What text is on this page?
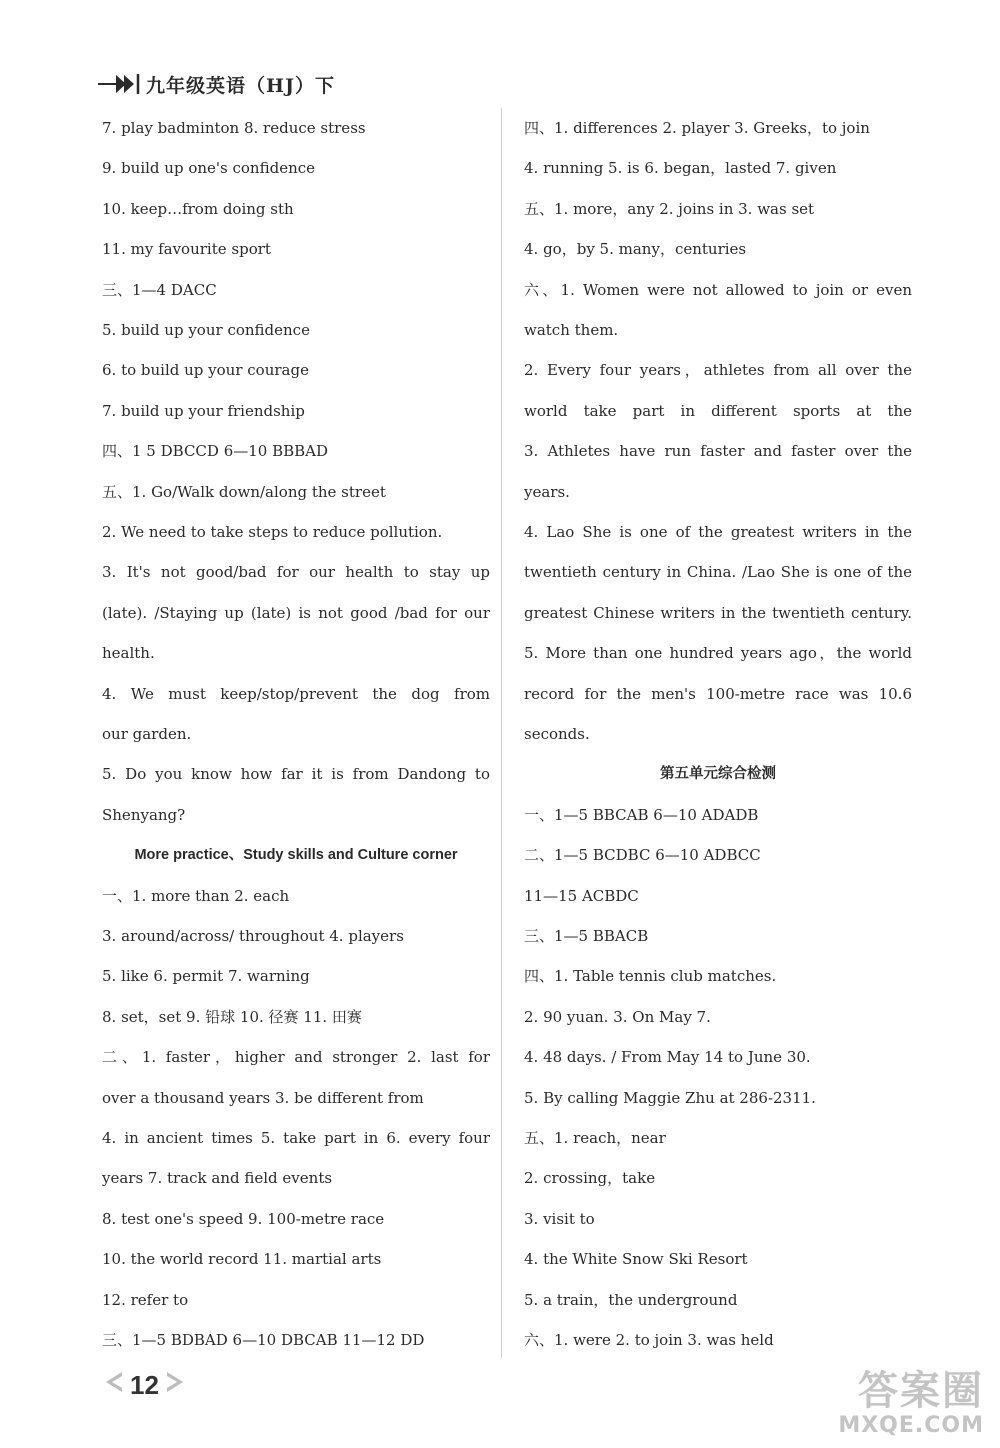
九年级英语（HJ）下
7. play badminton 8. reduce stress
9. build up one's confidence
10. keep…from doing sth
11. my favourite sport
三、1—4 DACC
5. build up your confidence
6. to build up your courage
7. build up your friendship
四、1 5 DBCCD 6—10 BBBAD
五、1. Go/Walk down/along the street
2. We need to take steps to reduce pollution.
3. It's not good/bad for our health to stay up
(late). /Staying up (late) is not good /bad for our
health.
4. We must keep/stop/prevent the dog from
our garden.
5. Do you know how far it is from Dandong to
Shenyang?
More practice、Study skills and Culture corner
一、1. more than 2. each
3. around/across/ throughout 4. players
5. like 6. permit 7. warning
8. set，set 9. 铅球 10. 径赛 11. 田赛
二、1. faster，higher and stronger 2. last for
over a thousand years 3. be different from
4. in ancient times 5. take part in 6. every four
years 7. track and field events
8. test one's speed 9. 100-metre race
10. the world record 11. martial arts
12. refer to
三、1—5 BDBAD 6—10 DBCAB 11—12 DD
四、1. differences 2. player 3. Greeks，to join
4. running 5. is 6. began，lasted 7. given
五、1. more，any 2. joins in 3. was set
4. go，by 5. many，centuries
六、1. Women were not allowed to join or even
watch them.
2. Every four years，athletes from all over the
world take part in different sports at the
3. Athletes have run faster and faster over the
years.
4. Lao She is one of the greatest writers in the
twentieth century in China. /Lao She is one of the
greatest Chinese writers in the twentieth century.
5. More than one hundred years ago，the world
record for the men's 100-metre race was 10.6
seconds.
第五单元综合检测
一、1—5 BBCAB 6—10 ADADB
二、1—5 BCDBC 6—10 ADBCC
11—15 ACBDC
三、1—5 BBACB
四、1. Table tennis club matches.
2. 90 yuan. 3. On May 7.
4. 48 days. / From May 14 to June 30.
5. By calling Maggie Zhu at 286-2311.
五、1. reach，near
2. crossing，take
3. visit to
4. the White Snow Ski Resort
5. a train，the underground
六、1. were 2. to join 3. was held
12	答案圈
MXQE.COM
